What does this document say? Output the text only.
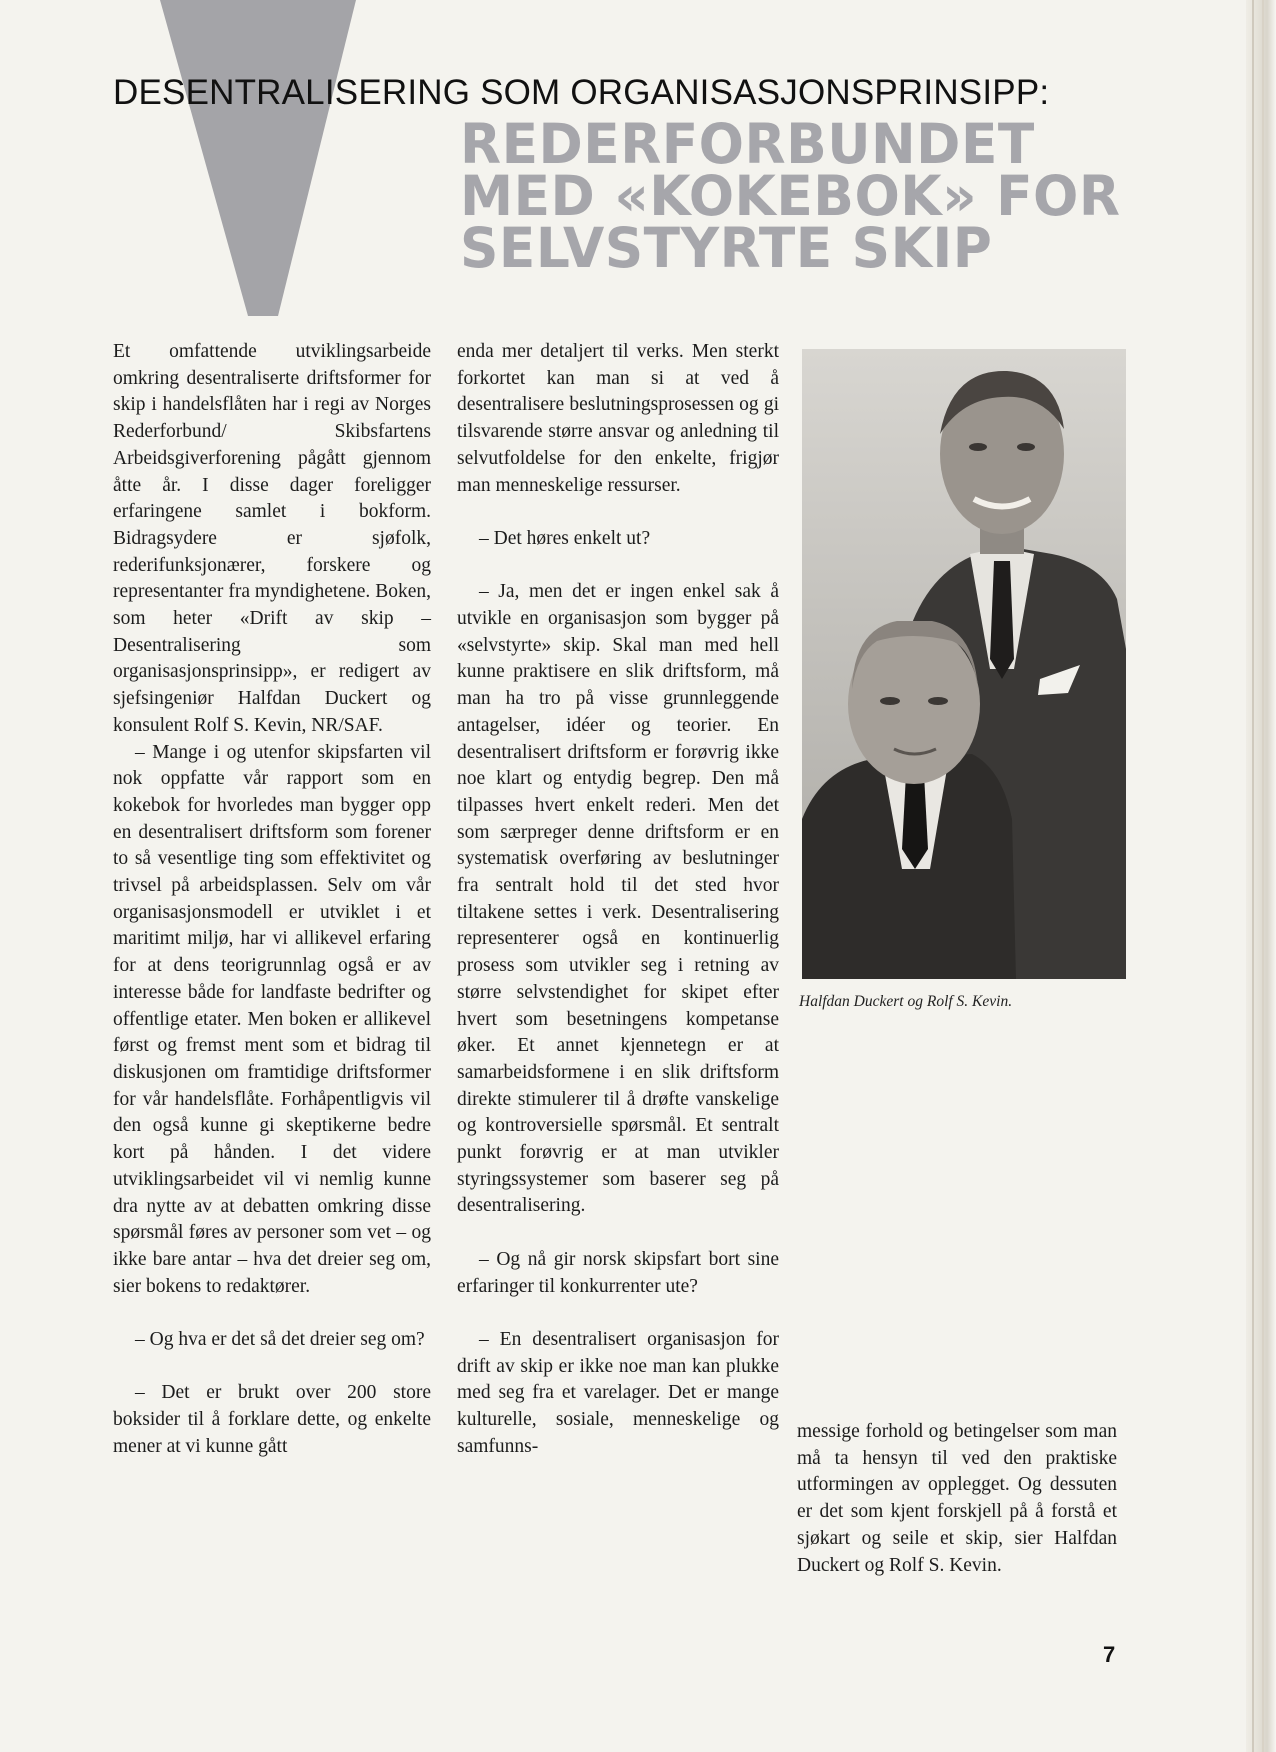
DESENTRALISERING SOM ORGANISASJONSPRINSIPP:
REDERFORBUNDET
MED «KOKEBOK» FOR
SELVSTYRTE SKIP

Et omfattende utviklingsarbeide omkring desentraliserte driftsformer for skip i handelsflåten har i regi av Norges Rederforbund/ Skibsfartens Arbeidsgiverforening pågått gjennom åtte år. I disse dager foreligger erfaringene samlet i bokform. Bidragsydere er sjøfolk, rederifunksjonærer, forskere og representanter fra myndighetene. Boken, som heter «Drift av skip – Desentralisering som organisasjonsprinsipp», er redigert av sjefsingeniør Halfdan Duckert og konsulent Rolf S. Kevin, NR/SAF.

– Mange i og utenfor skipsfarten vil nok oppfatte vår rapport som en kokebok for hvorledes man bygger opp en desentralisert driftsform som forener to så vesentlige ting som effektivitet og trivsel på arbeidsplassen. Selv om vår organisasjonsmodell er utviklet i et maritimt miljø, har vi allikevel erfaring for at dens teorigrunnlag også er av interesse både for landfaste bedrifter og offentlige etater. Men boken er allikevel først og fremst ment som et bidrag til diskusjonen om framtidige driftsformer for vår handelsflåte. Forhåpentligvis vil den også kunne gi skeptikerne bedre kort på hånden. I det videre utviklingsarbeidet vil vi nemlig kunne dra nytte av at debatten omkring disse spørsmål føres av personer som vet – og ikke bare antar – hva det dreier seg om, sier bokens to redaktører.

– Og hva er det så det dreier seg om?

– Det er brukt over 200 store boksider til å forklare dette, og enkelte mener at vi kunne gått

enda mer detaljert til verks. Men sterkt forkortet kan man si at ved å desentralisere beslutningsprosessen og gi tilsvarende større ansvar og anledning til selvutfoldelse for den enkelte, frigjør man menneskelige ressurser.

– Det høres enkelt ut?

– Ja, men det er ingen enkel sak å utvikle en organisasjon som bygger på «selvstyrte» skip. Skal man med hell kunne praktisere en slik driftsform, må man ha tro på visse grunnleggende antagelser, idéer og teorier. En desentralisert driftsform er forøvrig ikke noe klart og entydig begrep. Den må tilpasses hvert enkelt rederi. Men det som særpreger denne driftsform er en systematisk overføring av beslutninger fra sentralt hold til det sted hvor tiltakene settes i verk. Desentralisering representerer også en kontinuerlig prosess som utvikler seg i retning av større selvstendighet for skipet efter hvert som besetningens kompetanse øker. Et annet kjennetegn er at samarbeidsformene i en slik driftsform direkte stimulerer til å drøfte vanskelige og kontroversielle spørsmål. Et sentralt punkt forøvrig er at man utvikler styringssystemer som baserer seg på desentralisering.

– Og nå gir norsk skipsfart bort sine erfaringer til konkurrenter ute?

– En desentralisert organisasjon for drift av skip er ikke noe man kan plukke med seg fra et varelager. Det er mange kulturelle, sosiale, menneskelige og samfunns-

Halfdan Duckert og Rolf S. Kevin.

messige forhold og betingelser som man må ta hensyn til ved den praktiske utformingen av opplegget. Og dessuten er det som kjent forskjell på å forstå et sjøkart og seile et skip, sier Halfdan Duckert og Rolf S. Kevin.

7
